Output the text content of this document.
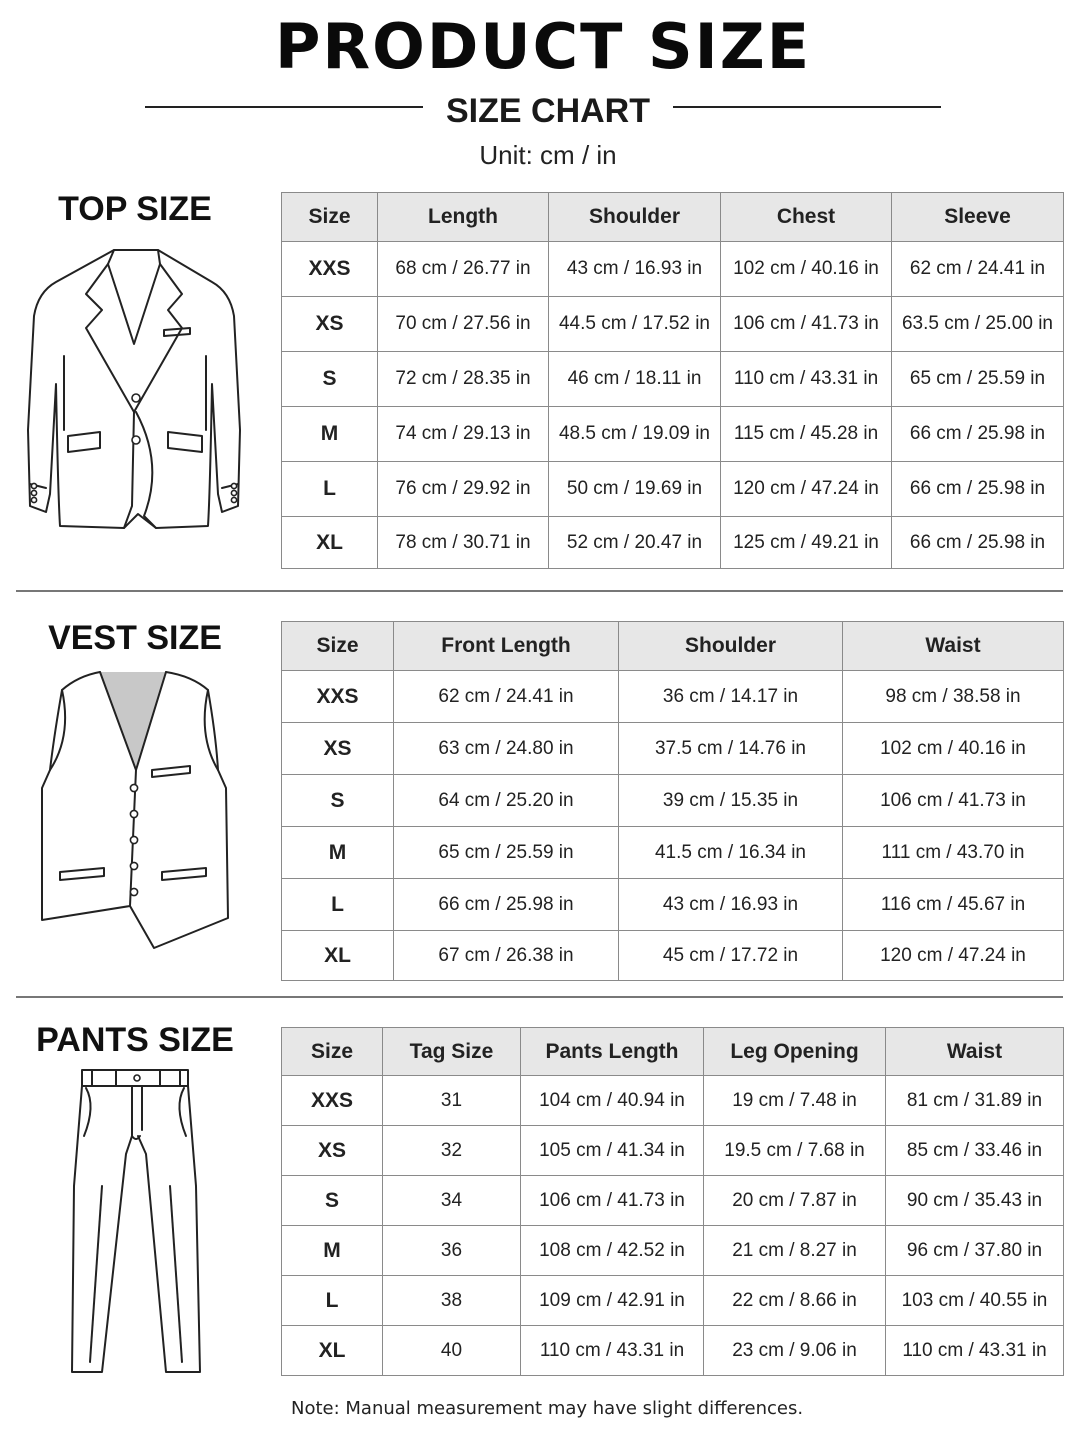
PRODUCT SIZE
SIZE CHART
Unit: cm / in
TOP SIZE	Size	Length	Shoulder	Chest	Sleeve
XXS	68 cm / 26.77 in	43 cm / 16.93 in	102 cm / 40.16 in	62 cm / 24.41 in
XS	70 cm / 27.56 in	44.5 cm / 17.52 in	106 cm / 41.73 in	63.5 cm / 25.00 in
S	72 cm / 28.35 in	46 cm / 18.11 in	110 cm / 43.31 in	65 cm / 25.59 in
M	74 cm / 29.13 in	48.5 cm / 19.09 in	115 cm / 45.28 in	66 cm / 25.98 in
L	76 cm / 29.92 in	50 cm / 19.69 in	120 cm / 47.24 in	66 cm / 25.98 in
XL	78 cm / 30.71 in	52 cm / 20.47 in	125 cm / 49.21 in	66 cm / 25.98 in
VEST SIZE	Size	Front Length	Shoulder	Waist
XXS	62 cm / 24.41 in	36 cm / 14.17 in	98 cm / 38.58 in
XS	63 cm / 24.80 in	37.5 cm / 14.76 in	102 cm / 40.16 in
S	64 cm / 25.20 in	39 cm / 15.35 in	106 cm / 41.73 in
M	65 cm / 25.59 in	41.5 cm / 16.34 in	111 cm / 43.70 in
L	66 cm / 25.98 in	43 cm / 16.93 in	116 cm / 45.67 in
XL	67 cm / 26.38 in	45 cm / 17.72 in	120 cm / 47.24 in
PANTS SIZE	Size	Tag Size	Pants Length	Leg Opening	Waist
XXS	31	104 cm / 40.94 in	19 cm / 7.48 in	81 cm / 31.89 in
XS	32	105 cm / 41.34 in	19.5 cm / 7.68 in	85 cm / 33.46 in
S	34	106 cm / 41.73 in	20 cm / 7.87 in	90 cm / 35.43 in
M	36	108 cm / 42.52 in	21 cm / 8.27 in	96 cm / 37.80 in
L	38	109 cm / 42.91 in	22 cm / 8.66 in	103 cm / 40.55 in
XL	40	110 cm / 43.31 in	23 cm / 9.06 in	110 cm / 43.31 in
Note: Manual measurement may have slight differences.
